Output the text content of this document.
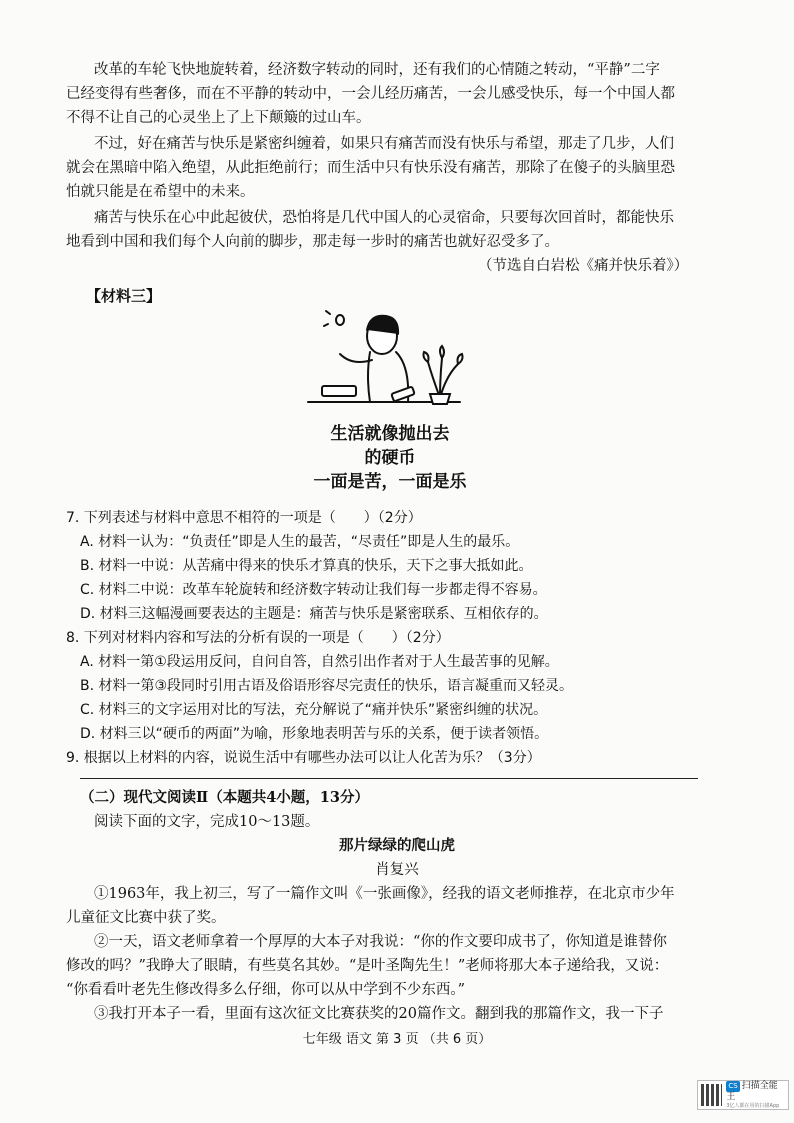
改革的车轮飞快地旋转着，经济数字转动的同时，还有我们的心情随之转动，“平静”二字
已经变得有些奢侈，而在不平静的转动中，一会儿经历痛苦，一会儿感受快乐，每一个中国人都
不得不让自己的心灵坐上了上下颠簸的过山车。
不过，好在痛苦与快乐是紧密纠缠着，如果只有痛苦而没有快乐与希望，那走了几步，人们
就会在黑暗中陷入绝望，从此拒绝前行；而生活中只有快乐没有痛苦，那除了在傻子的头脑里恐
怕就只能是在希望中的未来。
痛苦与快乐在心中此起彼伏，恐怕将是几代中国人的心灵宿命，只要每次回首时，都能快乐
地看到中国和我们每个人向前的脚步，那走每一步时的痛苦也就好忍受多了。
（节选自白岩松《痛并快乐着》）
【材料三】
生活就像抛出去
的硬币
一面是苦，一面是乐
7. 下列表述与材料中意思不相符的一项是（　　）（2分）
A. 材料一认为：“负责任”即是人生的最苦，“尽责任”即是人生的最乐。
B. 材料一中说：从苦痛中得来的快乐才算真的快乐，天下之事大抵如此。
C. 材料二中说：改革车轮旋转和经济数字转动让我们每一步都走得不容易。
D. 材料三这幅漫画要表达的主题是：痛苦与快乐是紧密联系、互相依存的。
8. 下列对材料内容和写法的分析有误的一项是（　　）（2分）
A. 材料一第①段运用反问，自问自答，自然引出作者对于人生最苦事的见解。
B. 材料一第③段同时引用古语及俗语形容尽完责任的快乐，语言凝重而又轻灵。
C. 材料三的文字运用对比的写法，充分解说了“痛并快乐”紧密纠缠的状况。
D. 材料三以“硬币的两面”为喻，形象地表明苦与乐的关系，便于读者领悟。
9. 根据以上材料的内容，说说生活中有哪些办法可以让人化苦为乐？（3分）
（二）现代文阅读Ⅱ（本题共4小题，13分）
阅读下面的文字，完成10～13题。
那片绿绿的爬山虎
肖复兴
①1963年，我上初三，写了一篇作文叫《一张画像》，经我的语文老师推荐，在北京市少年
儿童征文比赛中获了奖。
②一天，语文老师拿着一个厚厚的大本子对我说：“你的作文要印成书了，你知道是谁替你
修改的吗？”我睁大了眼睛，有些莫名其妙。“是叶圣陶先生！”老师将那大本子递给我，又说：
“你看看叶老先生修改得多么仔细，你可以从中学到不少东西。”
③我打开本子一看，里面有这次征文比赛获奖的20篇作文。翻到我的那篇作文，我一下子
七年级 语文 第 3 页 （共 6 页）
CS 扫描全能王
3亿人都在用的扫描App
